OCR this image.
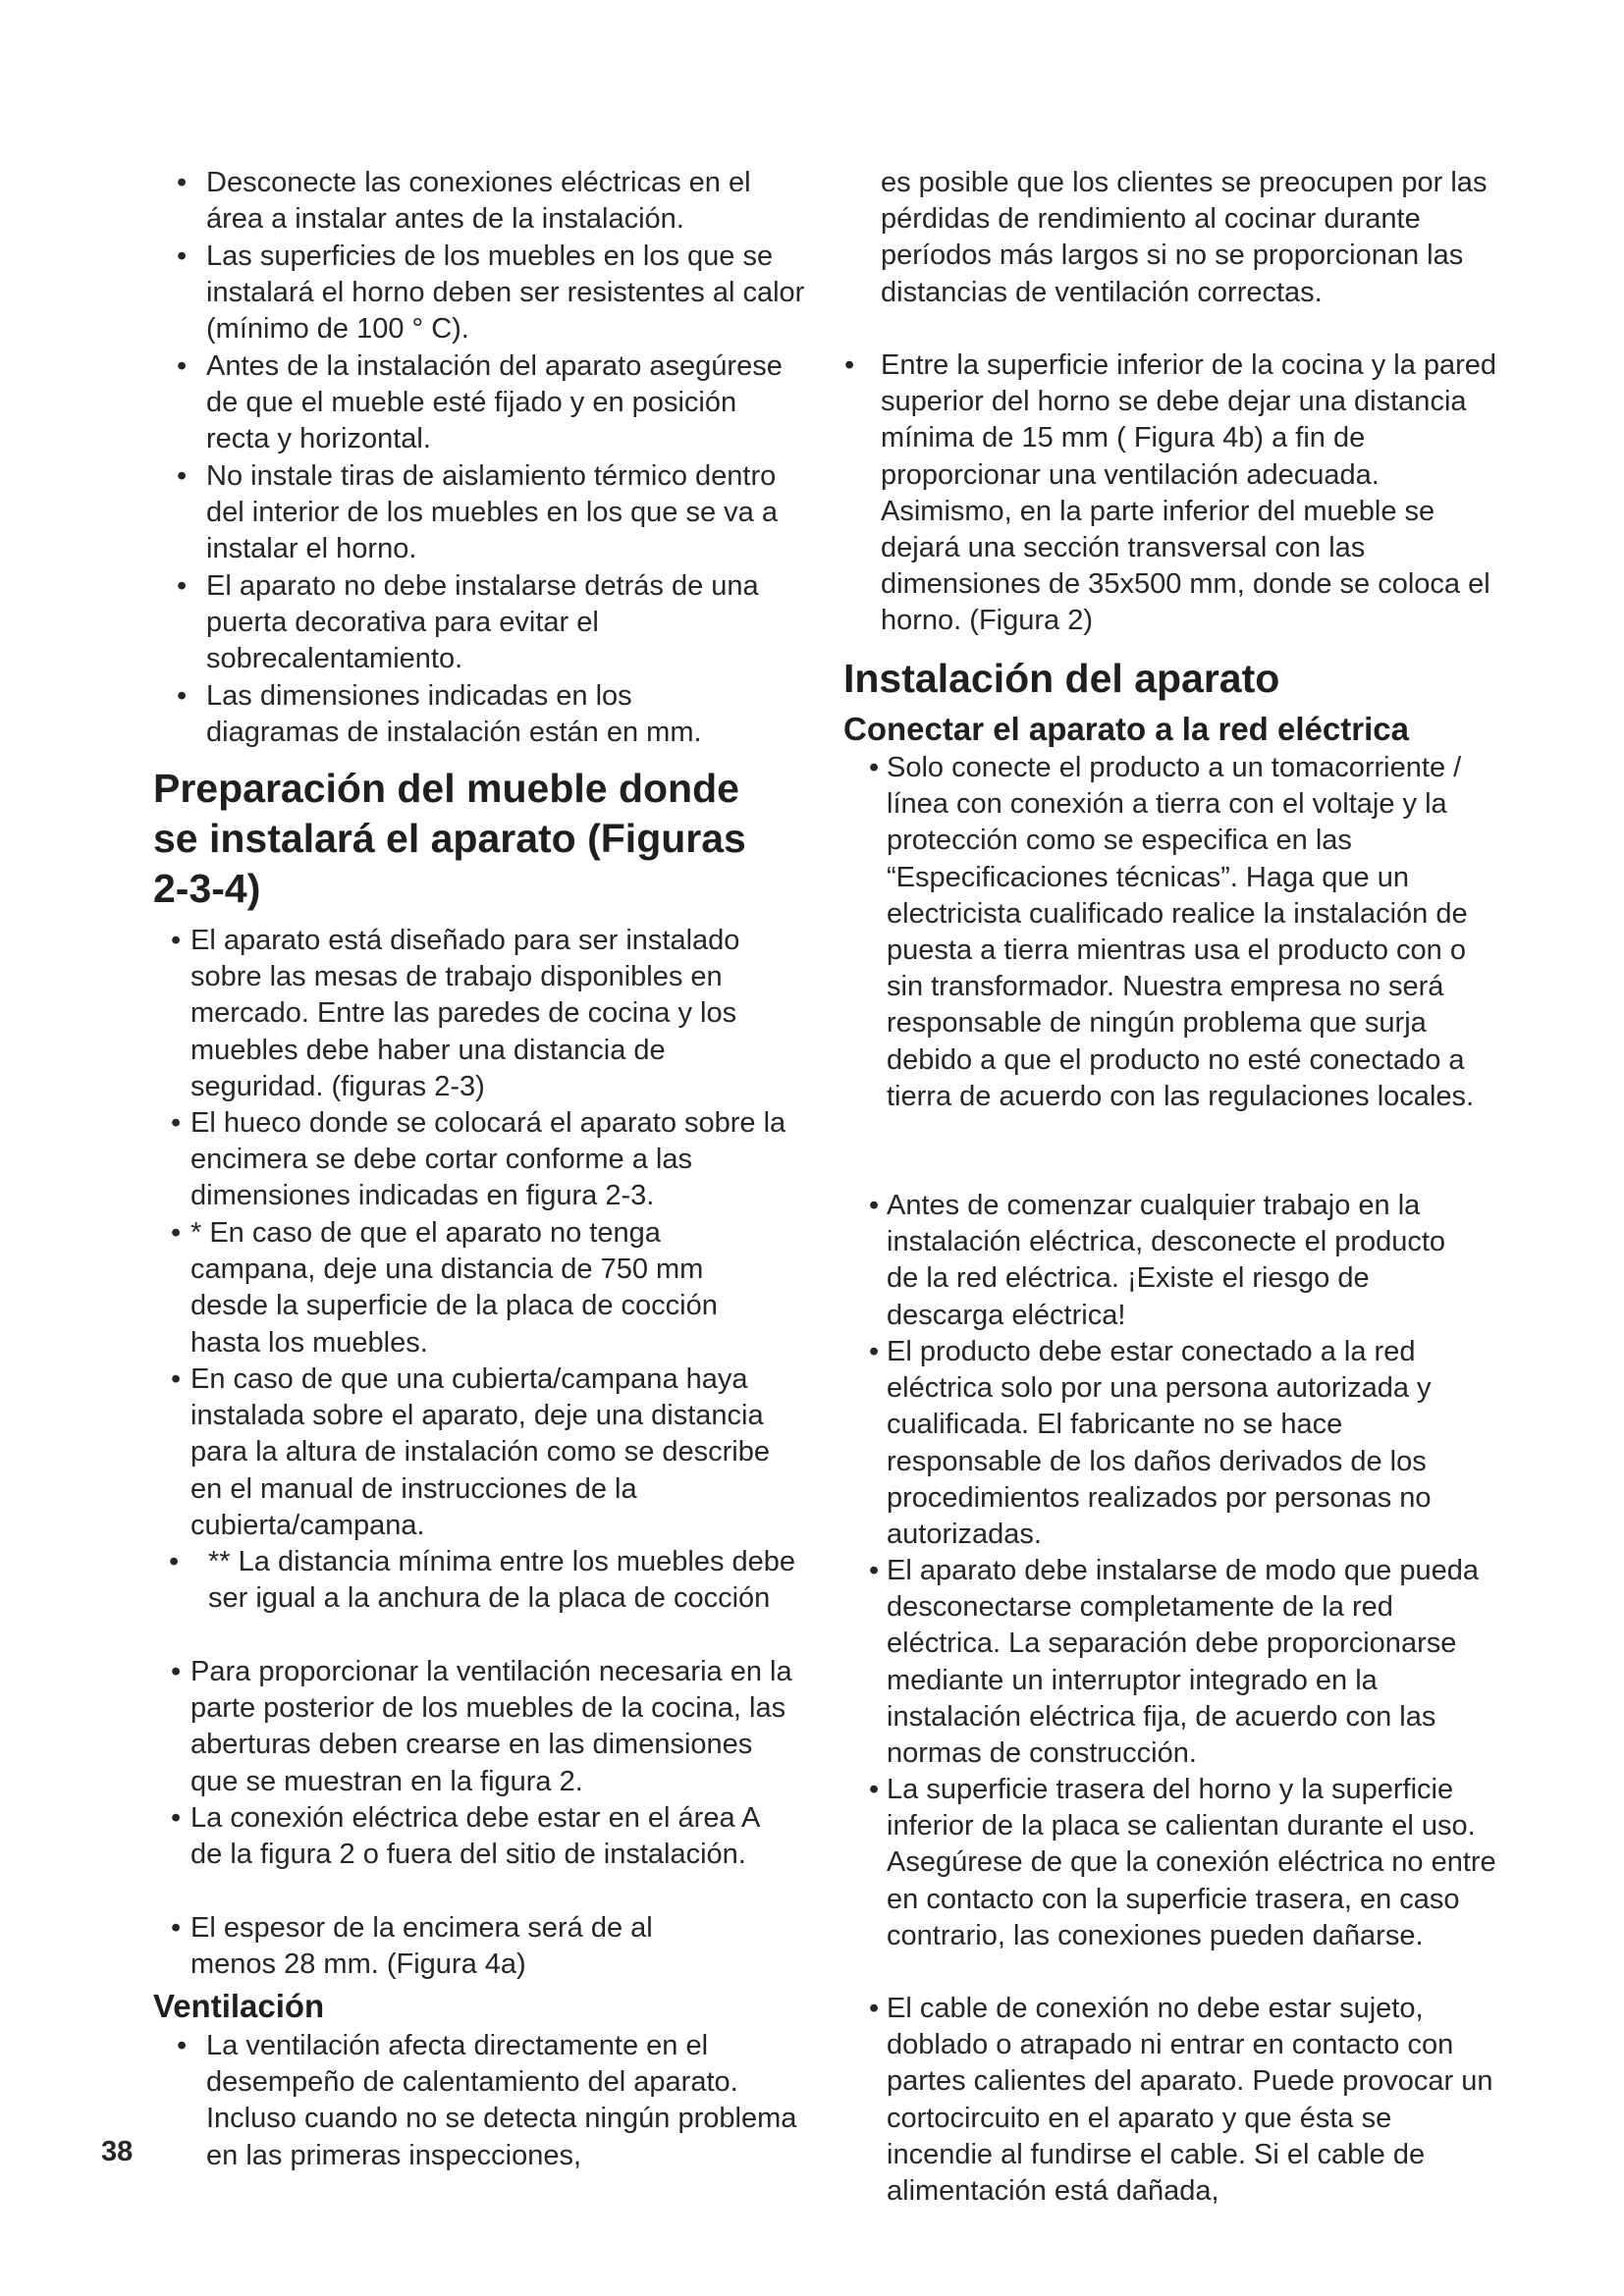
• Desconecte las conexiones eléctricas en el área a instalar antes de la instalación.
• Las superficies de los muebles en los que se instalará el horno deben ser resistentes al calor (mínimo de 100 ° C).
• Antes de la instalación del aparato asegúrese de que el mueble esté fijado y en posición recta y horizontal.
• No instale tiras de aislamiento térmico dentro del interior de los muebles en los que se va a instalar el horno.
• El aparato no debe instalarse detrás de una puerta decorativa para evitar el sobrecalentamiento.
• Las dimensiones indicadas en los diagramas de instalación están en mm.
Preparación del mueble donde se instalará el aparato (Figuras 2-3-4)
• El aparato está diseñado para ser instalado sobre las mesas de trabajo disponibles en mercado. Entre las paredes de cocina y los muebles debe haber una distancia de seguridad. (figuras 2-3)
• El hueco donde se colocará el aparato sobre la encimera se debe cortar conforme a las dimensiones indicadas en figura 2-3.
• * En caso de que el aparato no tenga campana, deje una distancia de 750 mm desde la superficie de la placa de cocción hasta los muebles.
• En caso de que una cubierta/campana haya instalada sobre el aparato, deje una distancia para la altura de instalación como se describe en el manual de instrucciones de la cubierta/campana.
•	** La distancia mínima entre los muebles debe ser igual a la anchura de la placa de cocción
• Para proporcionar la ventilación necesaria en la parte posterior de los muebles de la cocina, las aberturas deben crearse en las dimensiones que se muestran en la figura 2.
• La conexión eléctrica debe estar en el área A de la figura 2 o fuera del sitio de instalación.
• El espesor de la encimera será de al menos 28 mm. (Figura 4a)
Ventilación
• La ventilación afecta directamente en el desempeño de calentamiento del aparato. Incluso cuando no se detecta ningún problema en las primeras inspecciones,
38
es posible que los clientes se preocupen por las pérdidas de rendimiento al cocinar durante períodos más largos si no se proporcionan las distancias de ventilación correctas.
• Entre la superficie inferior de la cocina y la pared superior del horno se debe dejar una distancia mínima de 15 mm ( Figura 4b) a fin de proporcionar una ventilación adecuada. Asimismo, en la parte inferior del mueble se dejará una sección transversal con las dimensiones de 35x500 mm, donde se coloca el horno. (Figura 2)
Instalación del aparato
Conectar el aparato a la red eléctrica
• Solo conecte el producto a un tomacorriente / línea con conexión a tierra con el voltaje y la protección como se especifica en las “Especificaciones técnicas”. Haga que un electricista cualificado realice la instalación de puesta a tierra mientras usa el producto con o sin transformador. Nuestra empresa no será responsable de ningún problema que surja debido a que el producto no esté conectado a tierra de acuerdo con las regulaciones locales.
• Antes de comenzar cualquier trabajo en la instalación eléctrica, desconecte el producto de la red eléctrica. ¡Existe el riesgo de descarga eléctrica!
• El producto debe estar conectado a la red eléctrica solo por una persona autorizada y cualificada. El fabricante no se hace responsable de los daños derivados de los procedimientos realizados por personas no autorizadas.
• El aparato debe instalarse de modo que pueda desconectarse completamente de la red eléctrica. La separación debe proporcionarse mediante un interruptor integrado en la instalación eléctrica fija, de acuerdo con las normas de construcción.
• La superficie trasera del horno y la superficie inferior de la placa se calientan durante el uso. Asegúrese de que la conexión eléctrica no entre en contacto con la superficie trasera, en caso contrario, las conexiones pueden dañarse.
• El cable de conexión no debe estar sujeto, doblado o atrapado ni entrar en contacto con partes calientes del aparato. Puede provocar un cortocircuito en el aparato y que ésta se incendie al fundirse el cable. Si el cable de alimentación está dañada,
